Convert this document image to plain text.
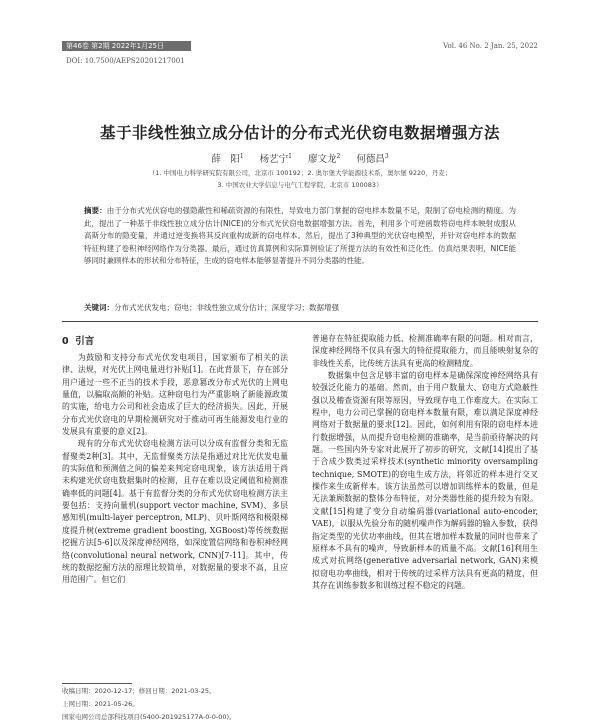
第46卷 第2期 2022年1月25日	Vol. 46 No. 2 Jan. 25, 2022
DOI: 10.7500/AEPS20201217001
基于非线性独立成分估计的分布式光伏窃电数据增强方法
薛　阳$^1$ 杨艺宁$^1$ 廖文龙$^2$ 何德昌$^3$
（1. 中国电力科学研究院有限公司，北京市 100192；2. 奥尔堡大学能源技术系，奥尔堡 9220，丹麦；
3. 中国农业大学信息与电气工程学院，北京市 100083）
摘要：由于分布式光伏窃电的强隐蔽性和稀疏资源的有限性，导致电力部门掌握的窃电样本数量不足，限制了窃电检测的精度。为此，提出了一种基于非线性独立成分估计(NICE)的分布式光伏窃电数据增强方法。首先，利用多个可逆函数将窃电样本映射成服从高斯分布的隐变量，并通过逆变换将其反向重构成新的窃电样本。然后，提出了3种典型的光伏窃电模型，并针对窃电样本的数据特征构建了卷积神经网络作为分类器。最后，通过仿真算例和实际算例验证了所提方法的有效性和泛化性。仿真结果表明，NICE能够同时兼顾样本的形状和分布特征，生成的窃电样本能够显著提升不同分类器的性能。
关键词：分布式光伏发电；窃电；非线性独立成分估计；深度学习；数据增强
0 引言

为鼓励和支持分布式光伏发电项目，国家颁布了相关的法律、法规，对光伏上网电量进行补贴[1]。在此背景下，存在部分用户通过一些不正当的技术手段，恶意篡改分布式光伏的上网电量值，以骗取高额的补贴。这种窃电行为严重影响了新能源政策的实施，给电力公司和社会造成了巨大的经济损失。因此，开展分布式光伏窃电的早期检测研究对于推动可再生能源发电行业的发展具有重要的意义[2]。

现有的分布式光伏窃电检测方法可以分成有监督分类和无监督聚类2种[3]。其中，无监督聚类方法是指通过对比光伏发电量的实际值和预测值之间的偏差来判定窃电现象，该方法适用于尚未构建光伏窃电数据集时的检测，且存在难以设定阈值和检测准确率低的问题[4]。基于有监督分类的分布式光伏窃电检测方法主要包括：支持向量机(support vector machine, SVM)、多层感知机(multi-layer perceptron, MLP)、贝叶斯网络和极限梯度提升树(extreme gradient boosting, XGBoost)等传统数据挖掘方法[5-6]以及深度神经网络，如深度置信网络和卷积神经网络(convolutional neural network, CNN)[7-11]。其中，传统的数据挖掘方法的原理比较简单，对数据量的要求不高，且应用范围广。但它们

普遍存在特征提取能力低、检测准确率有限的问题。相对而言，深度神经网络不仅具有强大的特征提取能力，而且能映射复杂的非线性关系，比传统方法具有更高的检测精度。

数据集中包含足够丰富的窃电样本是确保深度神经网络具有较强泛化能力的基础。然而，由于用户数量大、窃电方式隐蔽性强以及稽查资源有限等原因，导致现存电工作难度大。在实际工程中，电力公司已掌握的窃电样本数量有限，难以满足深度神经网络对于数据量的要求[12]。因此，如何利用有限的窃电样本进行数据增强，从而提升窃电检测的准确率，是当前亟待解决的问题。一些国内外专家对此展开了初步的研究，文献[14]提出了基于合成少数类过采样技术(synthetic minority oversampling technique, SMOTE)的窃电生成方法，将邻近的样本进行交叉操作来生成新样本。该方法虽然可以增加训练样本的数量，但是无法兼顾数据的整体分布特征，对分类器性能的提升较为有限。文献[15]构建了变分自动编码器(variational auto-encoder, VAE)，以服从先验分布的随机噪声作为解码器的输入参数，获得指定类型的光伏功率曲线，但其在增加样本数量的同时也带来了原样本不具有的噪声，导致新样本的质量不高。文献[16]利用生成式对抗网络(generative adversarial network, GAN)来模拟窃电功率曲线，相对于传统的过采样方法具有更高的精度，但其存在训练参数多和训练过程不稳定的问题。

收稿日期：2020-12-17；修回日期：2021-03-25。
上网日期：2021-05-26。
国家电网公司总部科技项目(5400-201925177A-0-0-00)。
